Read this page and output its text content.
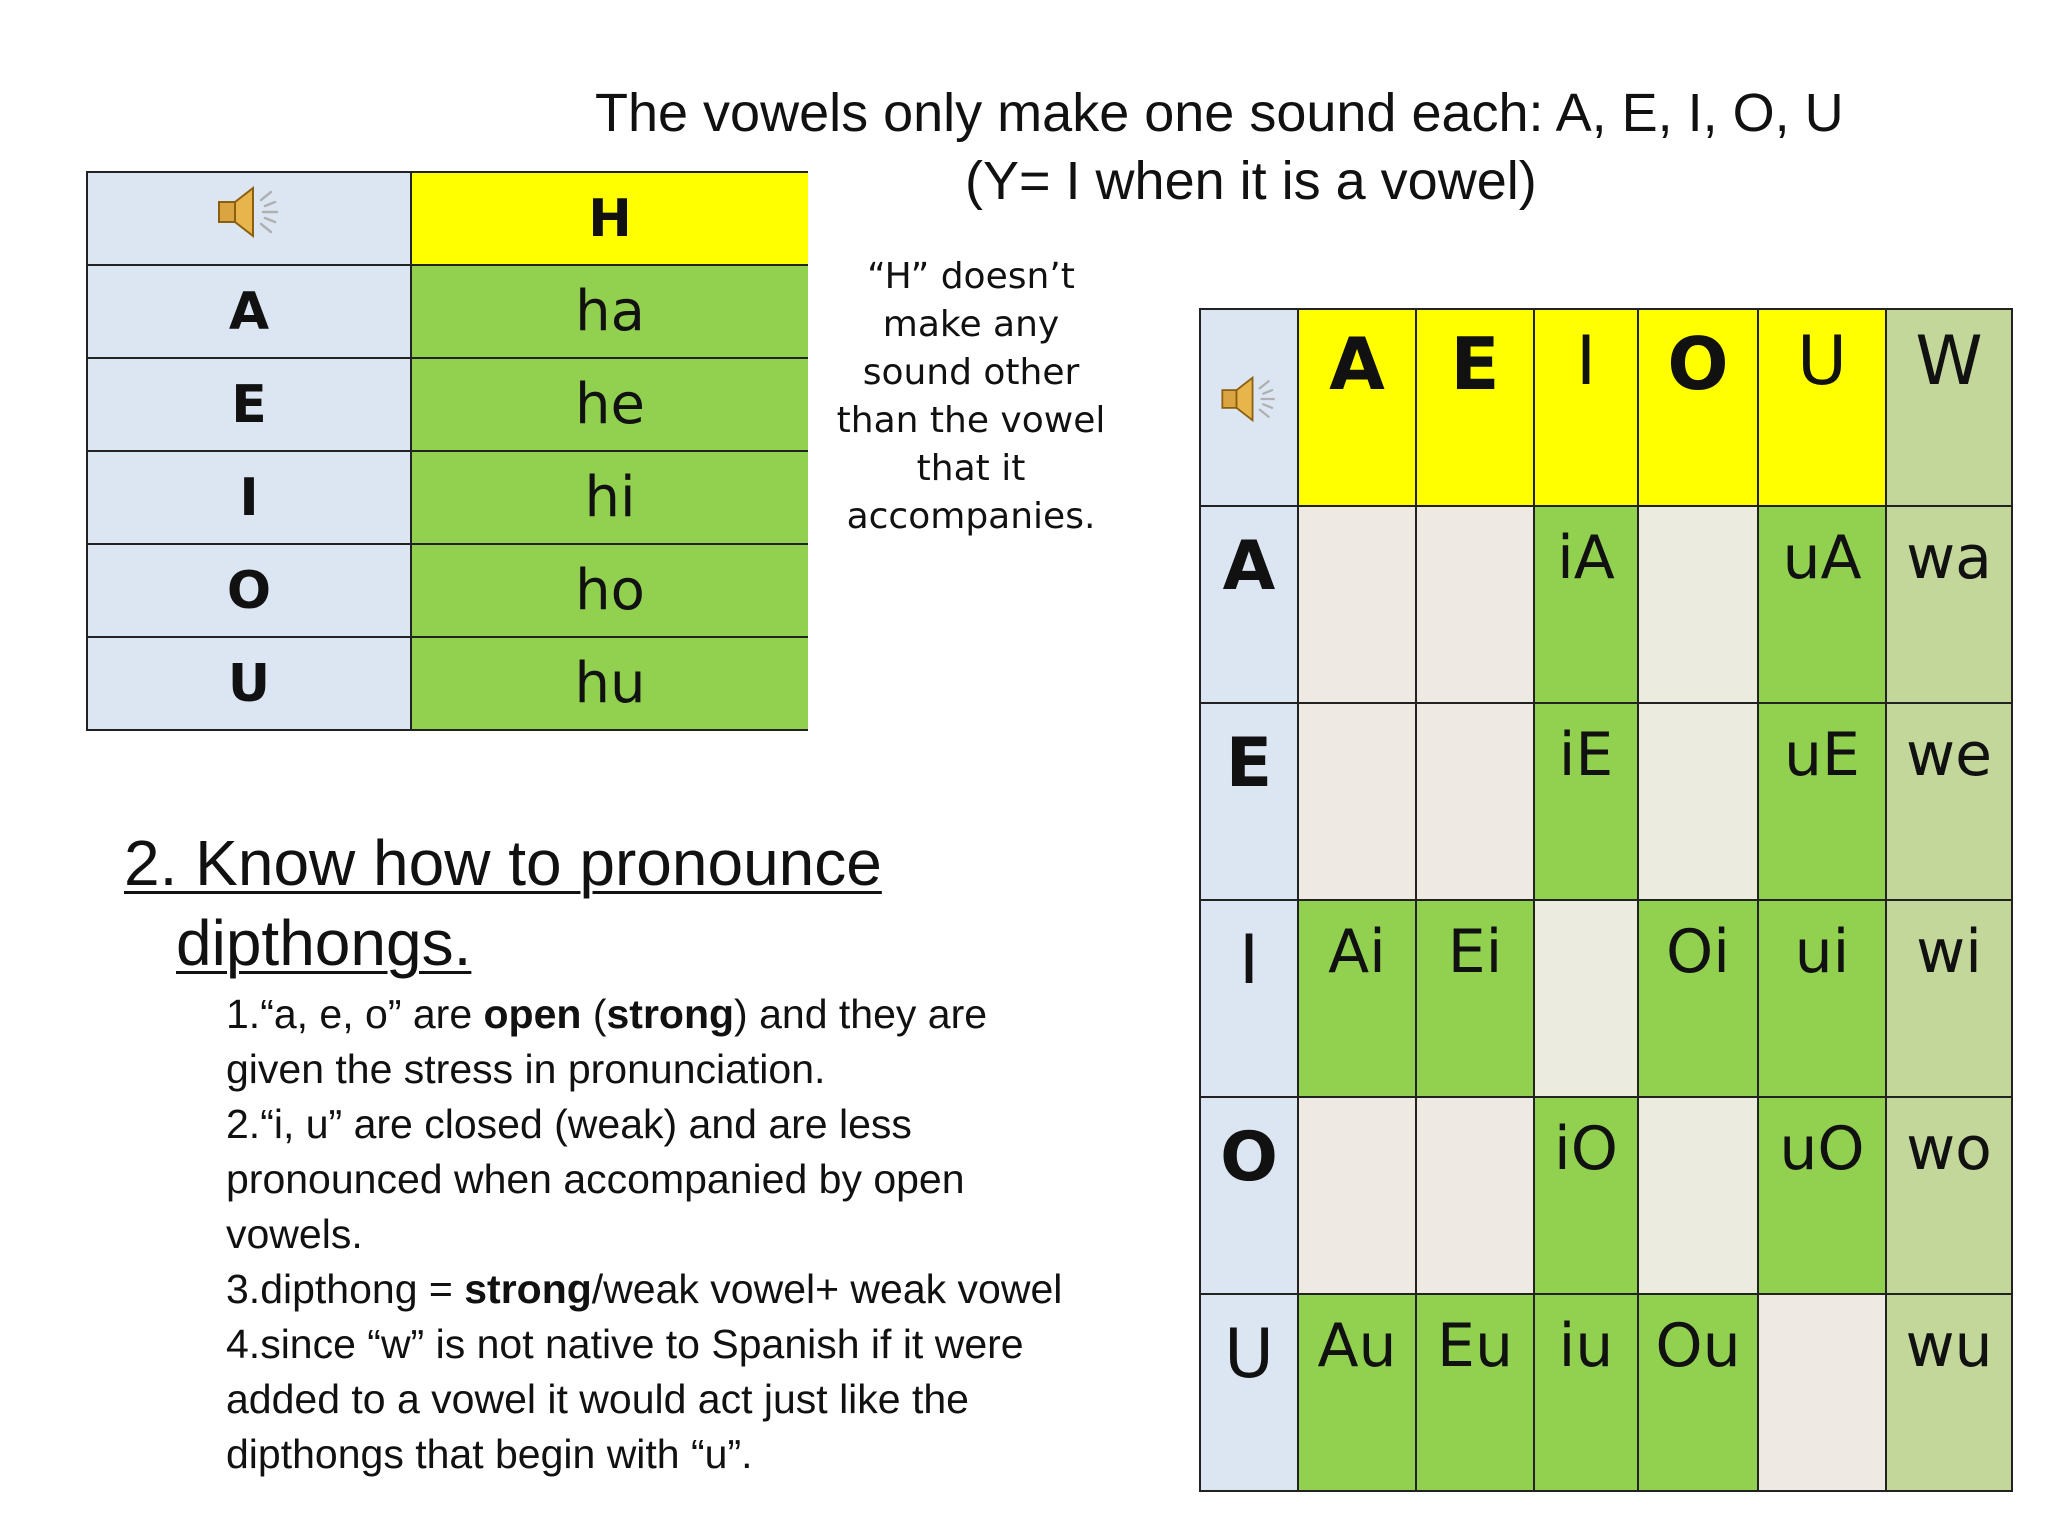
The vowels only make one sound each: A, E, I, O, U
(Y= I when it is a vowel)
	H
A	ha
E	he
I	hi
O	ho
U	hu
“H” doesn’t
make any
sound other
than the vowel
that it
accompanies.
2. Know how to pronounce
dipthongs.
1.“a, e, o” are open (strong) and they are
given the stress in pronunciation.
2.“i, u” are closed (weak) and are less
pronounced when accompanied by open
vowels.
3.dipthong = strong/weak vowel+ weak vowel
4.since “w” is not native to Spanish if it were
added to a vowel it would act just like the
dipthongs that begin with “u”.
	A	E	I	O	U	W
A			iA		uA	wa
E			iE		uE	we
I	Ai	Ei		Oi	ui	wi
O			iO		uO	wo
U	Au	Eu	iu	Ou		wu
